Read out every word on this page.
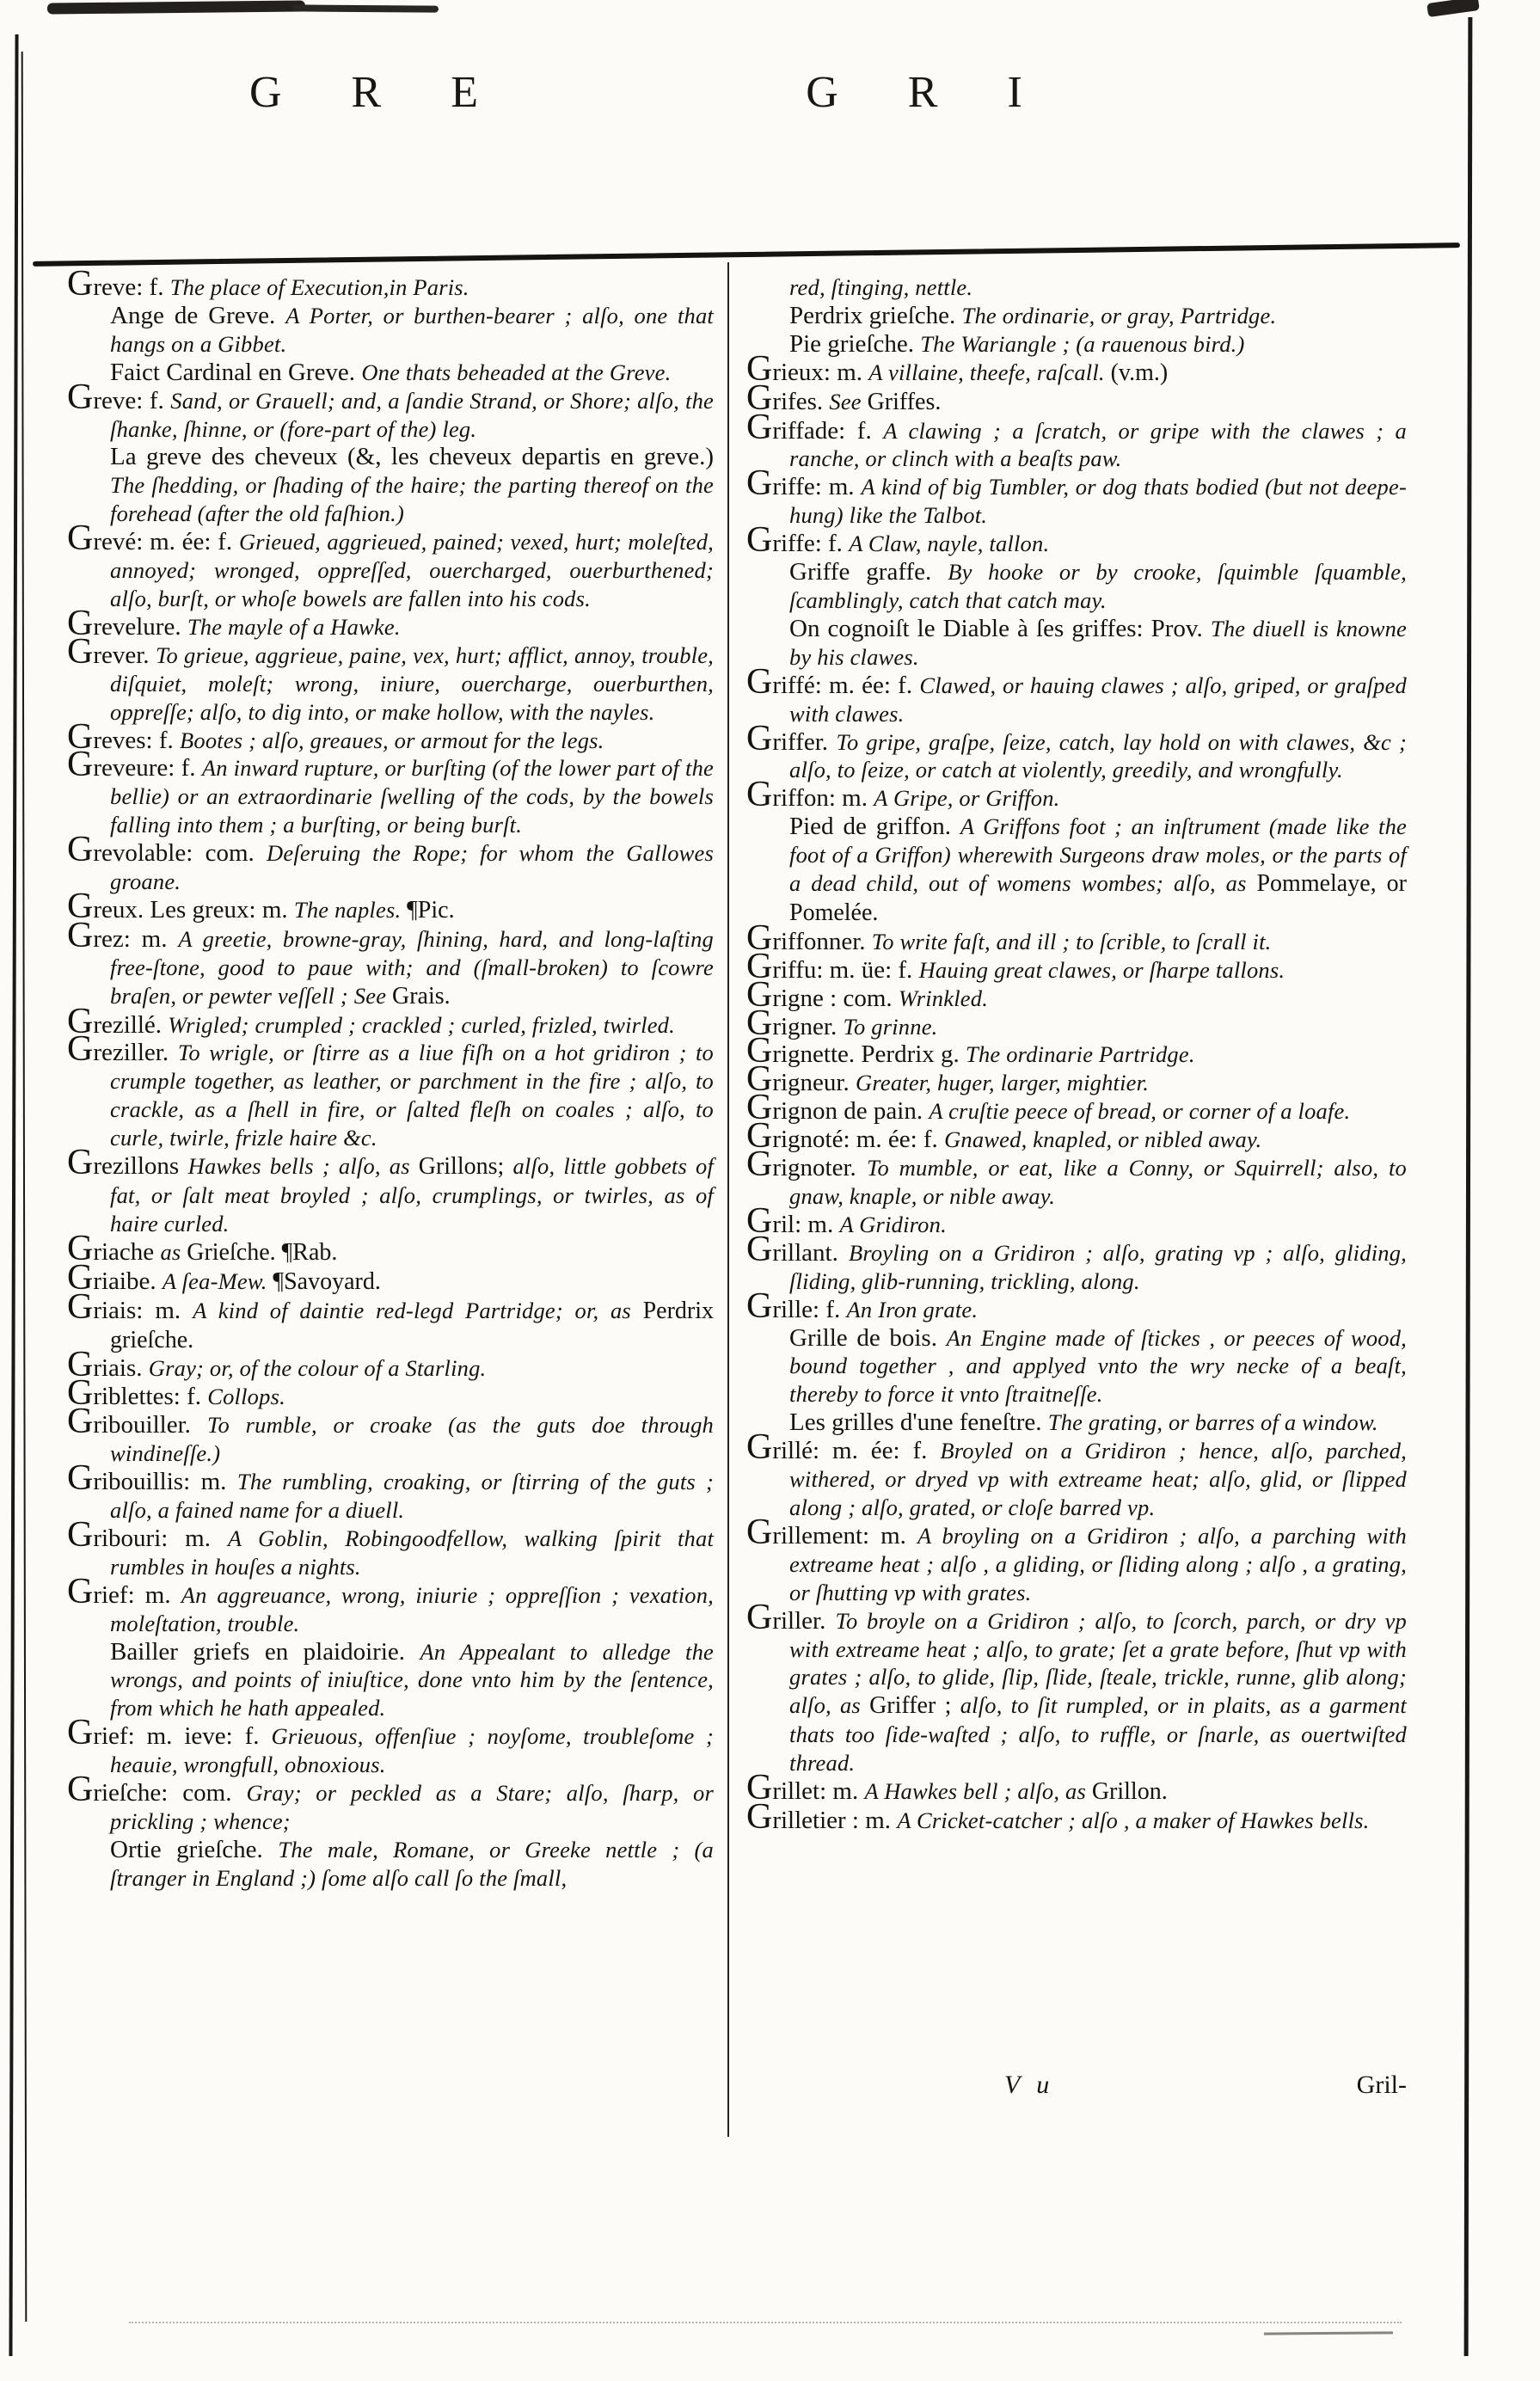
G R E	G R I

Greve: f. The place of Execution,in Paris.

Ange de Greve. A Porter, or burthen-bearer ; alſo, one that hangs on a Gibbet.

Faict Cardinal en Greve. One thats beheaded at the Greve.

Greve: f. Sand, or Grauell; and, a ſandie Strand, or Shore; alſo, the ſhanke, ſhinne, or (fore-part of the) leg.

La greve des cheveux (&, les cheveux departis en greve.) The ſhedding, or ſhading of the haire; the parting thereof on the forehead (after the old faſhion.)

Grevé: m. ée: f. Grieued, aggrieued, pained; vexed, hurt; moleſted, annoyed; wronged, oppreſſed, ouercharged, ouerburthened; alſo, burſt, or whoſe bowels are fallen into his cods.

Grevelure. The mayle of a Hawke.

Grever. To grieue, aggrieue, paine, vex, hurt; afflict, annoy, trouble, diſquiet, moleſt; wrong, iniure, ouercharge, ouerburthen, oppreſſe; alſo, to dig into, or make hollow, with the nayles.

Greves: f. Bootes ; alſo, greaues, or armout for the legs.

Greveure: f. An inward rupture, or burſting (of the lower part of the bellie) or an extraordinarie ſwelling of the cods, by the bowels falling into them ; a burſting, or being burſt.

Grevolable: com. Deſeruing the Rope; for whom the Gallowes groane.

Greux. Les greux: m. The naples. ¶Pic.

Grez: m. A greetie, browne-gray, ſhining, hard, and long-laſting free-ſtone, good to paue with; and (ſmall-broken) to ſcowre braſen, or pewter veſſell ; See Grais.

Grezillé. Wrigled; crumpled ; crackled ; curled, frizled, twirled.

Greziller. To wrigle, or ſtirre as a liue fiſh on a hot gridiron ; to crumple together, as leather, or parchment in the fire ; alſo, to crackle, as a ſhell in fire, or ſalted fleſh on coales ; alſo, to curle, twirle, frizle haire &c.

Grezillons Hawkes bells ; alſo, as Grillons; alſo, little gobbets of fat, or ſalt meat broyled ; alſo, crumplings, or twirles, as of haire curled.

Griache as Grieſche. ¶Rab.

Griaibe. A ſea-Mew. ¶Savoyard.

Griais: m. A kind of daintie red-legd Partridge; or, as Perdrix grieſche.

Griais. Gray; or, of the colour of a Starling.

Griblettes: f. Collops.

Gribouiller. To rumble, or croake (as the guts doe through windineſſe.)

Gribouillis: m. The rumbling, croaking, or ſtirring of the guts ; alſo, a fained name for a diuell.

Gribouri: m. A Goblin, Robingoodfellow, walking ſpirit that rumbles in houſes a nights.

Grief: m. An aggreuance, wrong, iniurie ; oppreſſion ; vexation, moleſtation, trouble.

Bailler griefs en plaidoirie. An Appealant to alledge the wrongs, and points of iniuſtice, done vnto him by the ſentence, from which he hath appealed.

Grief: m. ieve: f. Grieuous, offenſiue ; noyſome, troubleſome ; heauie, wrongfull, obnoxious.

Grieſche: com. Gray; or peckled as a Stare; alſo, ſharp, or prickling ; whence;

Ortie grieſche. The male, Romane, or Greeke nettle ; (a ſtranger in England ;) ſome alſo call ſo the ſmall,

red, ſtinging, nettle.

Perdrix grieſche. The ordinarie, or gray, Partridge.

Pie grieſche. The Wariangle ; (a rauenous bird.)

Grieux: m. A villaine, theefe, raſcall. (v.m.)

Grifes. See Griffes.

Griffade: f. A clawing ; a ſcratch, or gripe with the clawes ; a ranche, or clinch with a beaſts paw.

Griffe: m. A kind of big Tumbler, or dog thats bodied (but not deepe-hung) like the Talbot.

Griffe: f. A Claw, nayle, tallon.

Griffe graffe. By hooke or by crooke, ſquimble ſquamble, ſcamblingly, catch that catch may.

On cognoiſt le Diable à ſes griffes: Prov. The diuell is knowne by his clawes.

Griffé: m. ée: f. Clawed, or hauing clawes ; alſo, griped, or graſped with clawes.

Griffer. To gripe, graſpe, ſeize, catch, lay hold on with clawes, &c ; alſo, to ſeize, or catch at violently, greedily, and wrongfully.

Griffon: m. A Gripe, or Griffon.

Pied de griffon. A Griffons foot ; an inſtrument (made like the foot of a Griffon) wherewith Surgeons draw moles, or the parts of a dead child, out of womens wombes; alſo, as Pommelaye, or Pomelée.

Griffonner. To write faſt, and ill ; to ſcrible, to ſcrall it.

Griffu: m. üe: f. Hauing great clawes, or ſharpe tallons.

Grigne : com. Wrinkled.

Grigner. To grinne.

Grignette. Perdrix g. The ordinarie Partridge.

Grigneur. Greater, huger, larger, mightier.

Grignon de pain. A cruſtie peece of bread, or corner of a loafe.

Grignoté: m. ée: f. Gnawed, knapled, or nibled away.

Grignoter. To mumble, or eat, like a Conny, or Squirrell; also, to gnaw, knaple, or nible away.

Gril: m. A Gridiron.

Grillant. Broyling on a Gridiron ; alſo, grating vp ; alſo, gliding, ſliding, glib-running, trickling, along.

Grille: f. An Iron grate.

Grille de bois. An Engine made of ſtickes , or peeces of wood, bound together , and applyed vnto the wry necke of a beaſt, thereby to force it vnto ſtraitneſſe.

Les grilles d'une feneſtre. The grating, or barres of a window.

Grillé: m. ée: f. Broyled on a Gridiron ; hence, alſo, parched, withered, or dryed vp with extreame heat; alſo, glid, or ſlipped along ; alſo, grated, or cloſe barred vp.

Grillement: m. A broyling on a Gridiron ; alſo, a parching with extreame heat ; alſo , a gliding, or ſliding along ; alſo , a grating, or ſhutting vp with grates.

Griller. To broyle on a Gridiron ; alſo, to ſcorch, parch, or dry vp with extreame heat ; alſo, to grate; ſet a grate before, ſhut vp with grates ; alſo, to glide, ſlip, ſlide, ſteale, trickle, runne, glib along; alſo, as Griffer ; alſo, to ſit rumpled, or in plaits, as a garment thats too ſide-waſted ; alſo, to ruffle, or ſnarle, as ouertwiſted thread.

Grillet: m. A Hawkes bell ; alſo, as Grillon.

Grilletier : m. A Cricket-catcher ; alſo , a maker of Hawkes bells.

V u	Gril-
